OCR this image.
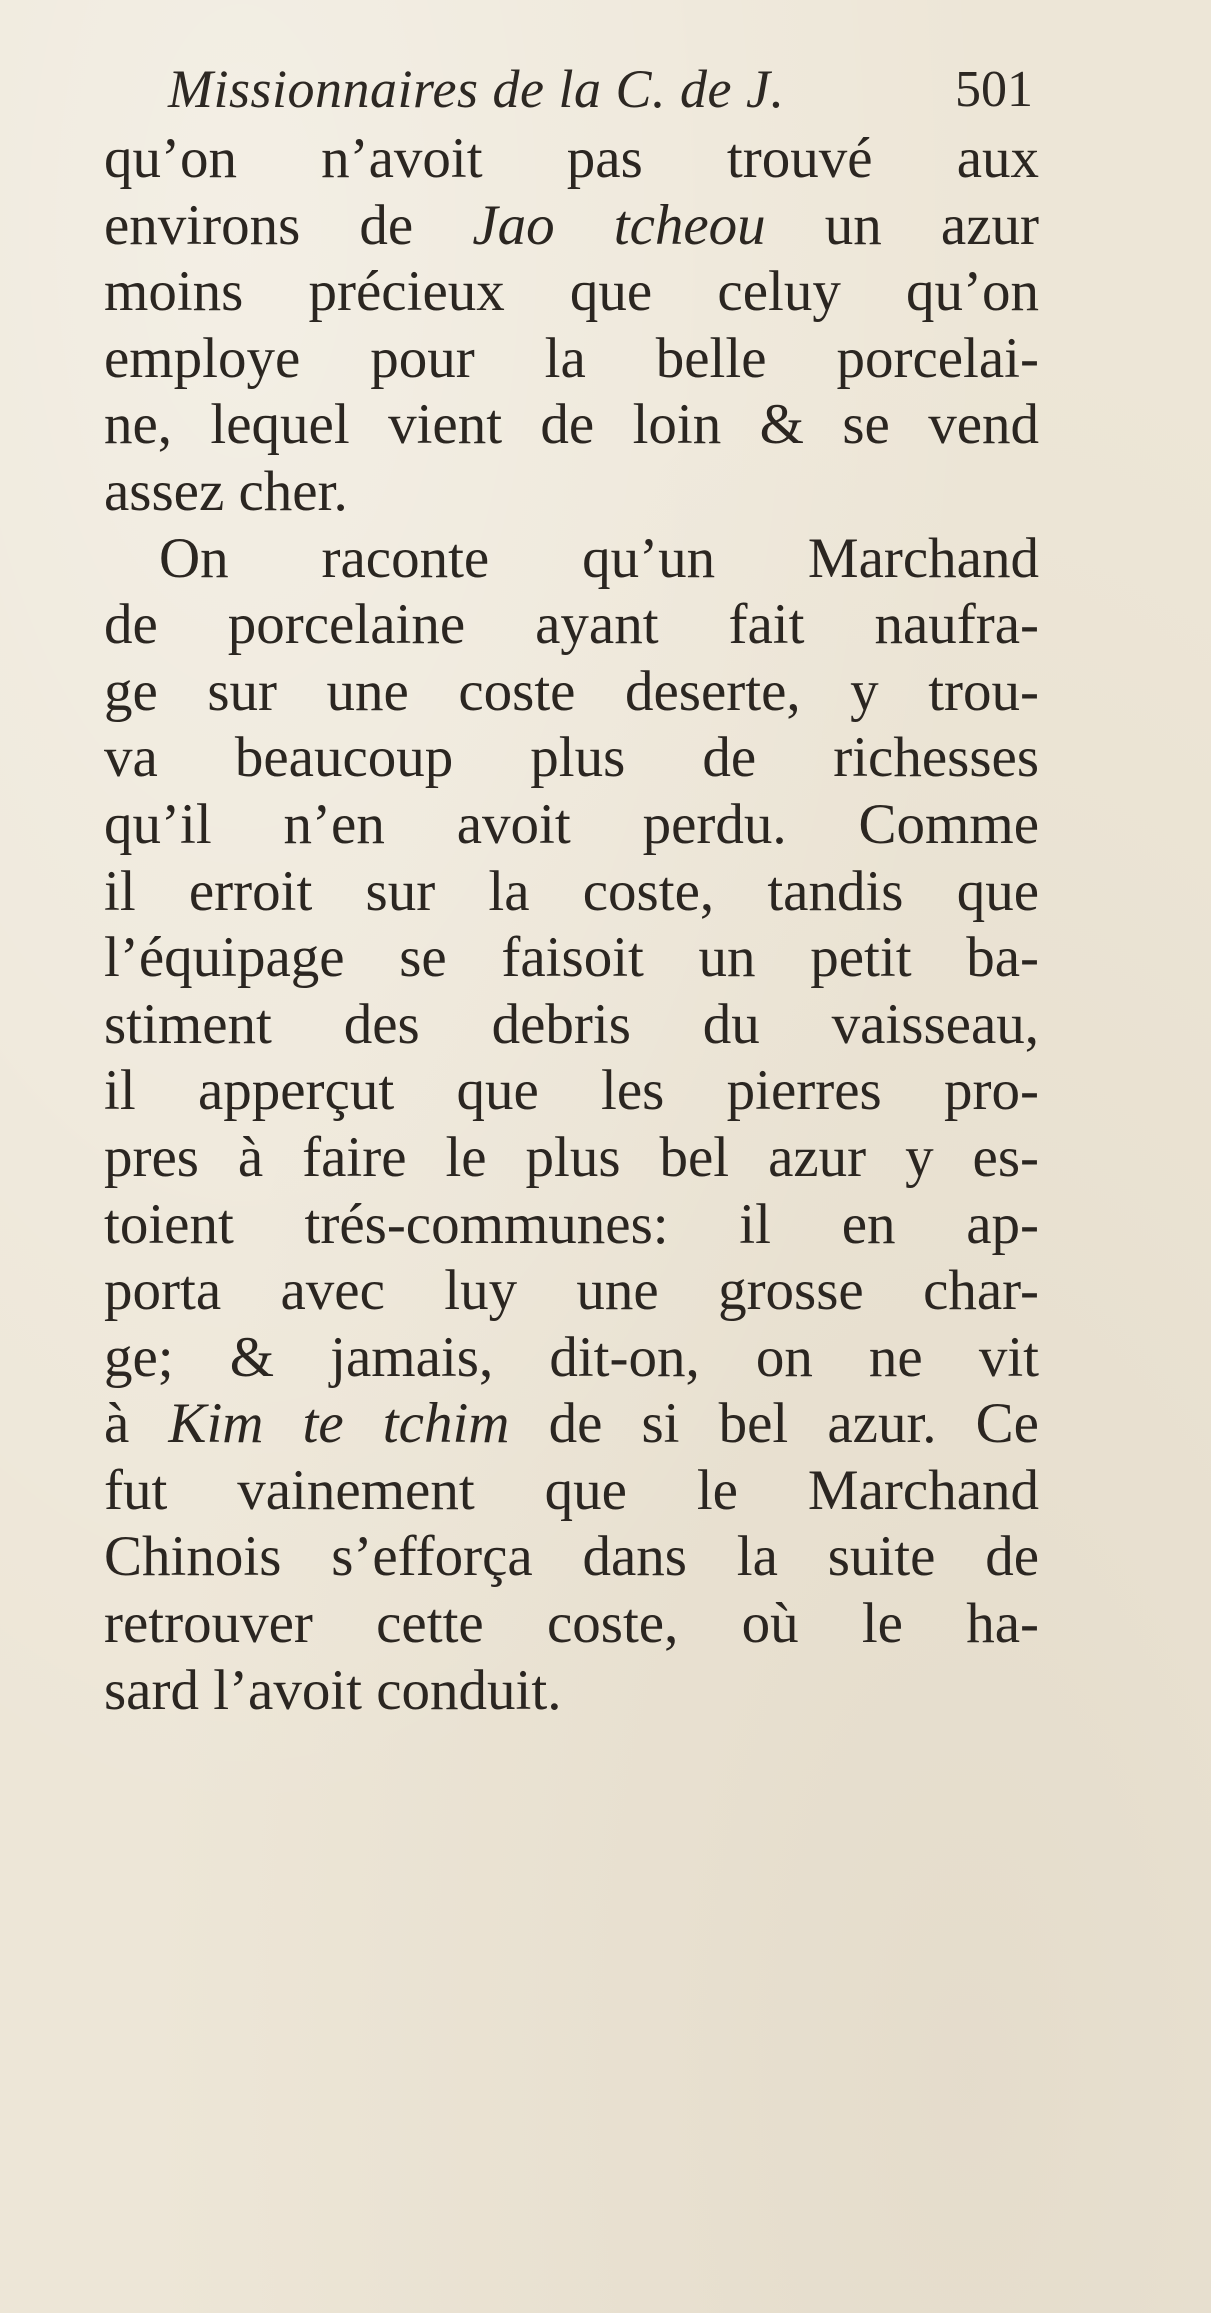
Missionnaires de la C. de J.	501
qu’on n’avoit pas trouvé aux
environs de Jao tcheou un azur
moins précieux que celuy qu’on
employe pour la belle porcelai-
ne, lequel vient de loin & se vend
assez cher.
On raconte qu’un Marchand
de porcelaine ayant fait naufra-
ge sur une coste deserte, y trou-
va beaucoup plus de richesses
qu’il n’en avoit perdu. Comme
il erroit sur la coste, tandis que
l’équipage se faisoit un petit ba-
stiment des debris du vaisseau,
il apperçut que les pierres pro-
pres à faire le plus bel azur y es-
toient trés-communes: il en ap-
porta avec luy une grosse char-
ge; & jamais, dit-on, on ne vit
à Kim te tchim de si bel azur. Ce
fut vainement que le Marchand
Chinois s’efforça dans la suite de
retrouver cette coste, où le ha-
sard l’avoit conduit.
